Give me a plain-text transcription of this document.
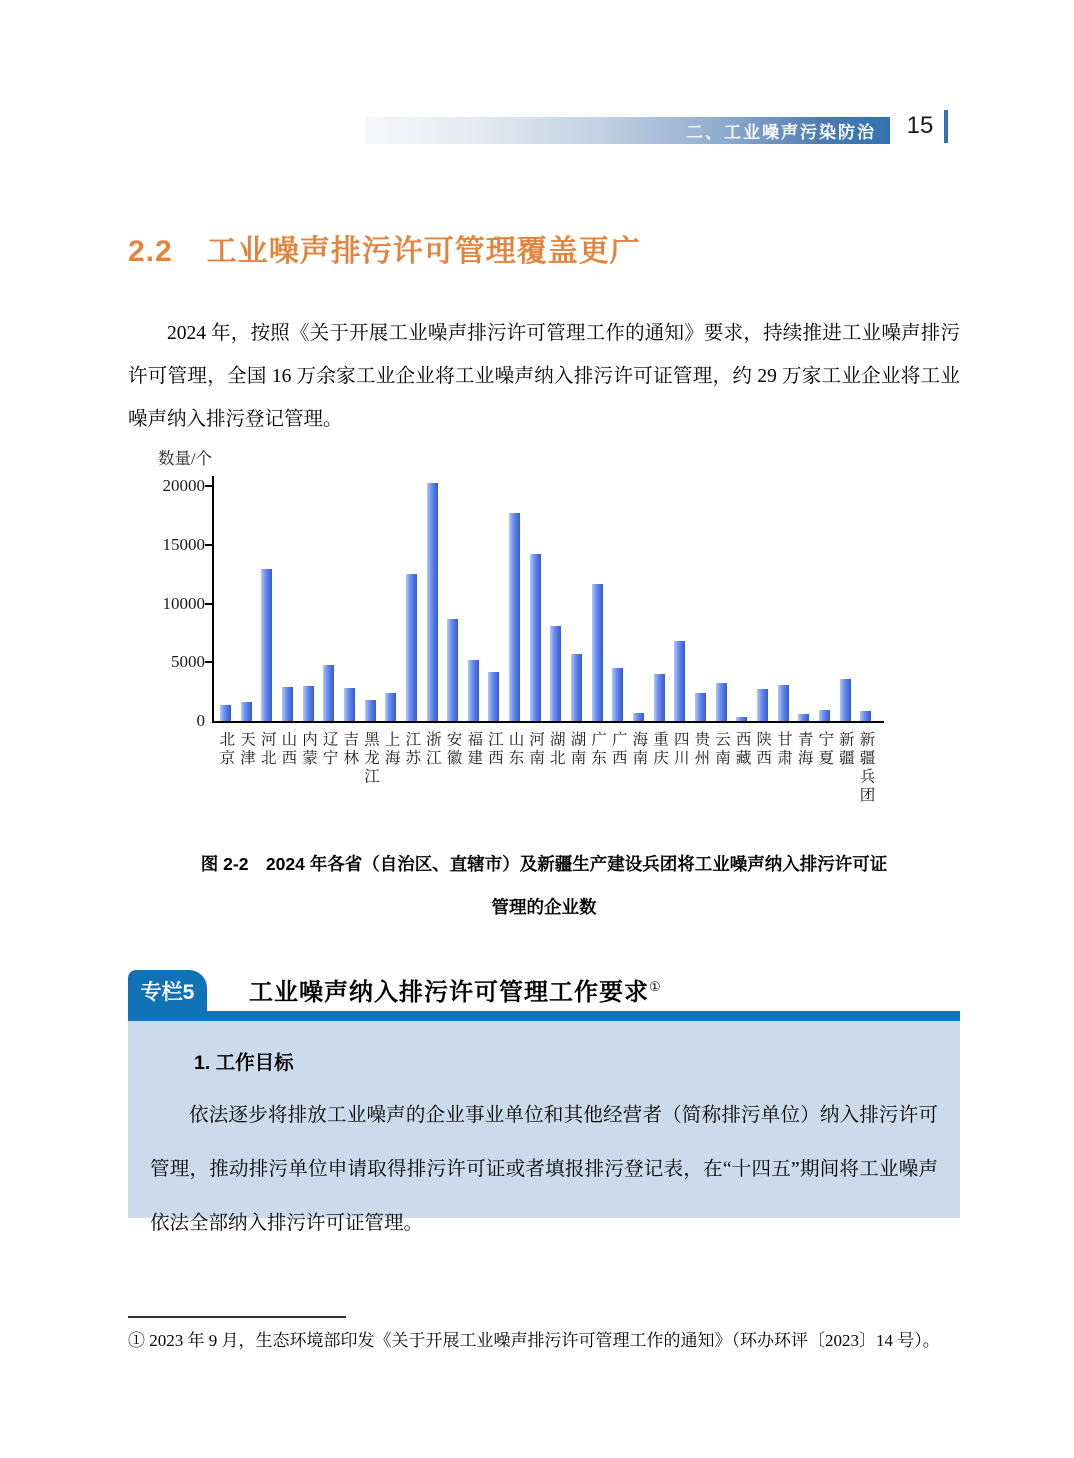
二、工业噪声污染防治 15
2.2 工业噪声排污许可管理覆盖更广

2024 年，按照《关于开展工业噪声排污许可管理工作的通知》要求，持续推进工业噪声排污许可管理，全国 16 万余家工业企业将工业噪声纳入排污许可证管理，约 29 万家工业企业将工业噪声纳入排污登记管理。

数量/个
北京 天津 河北 山西 内蒙 辽宁 吉林 黑龙江 上海 江苏 浙江 安徽 福建 江西 山东 河南 湖北 湖南 广东 广西 海南 重庆 四川 贵州 云南 西藏 陕西 甘肃 青海 宁夏 新疆 新疆兵团
0
5000
10000
15000
20000
图 2-2　2024 年各省（自治区、直辖市）及新疆生产建设兵团将工业噪声纳入排污许可证
管理的企业数
专栏5	工业噪声纳入排污许可管理工作要求①
1. 工作目标

依法逐步将排放工业噪声的企业事业单位和其他经营者（简称排污单位）纳入排污许可管理，推动排污单位申请取得排污许可证或者填报排污登记表，在“十四五”期间将工业噪声依法全部纳入排污许可证管理。

① 2023 年 9 月，生态环境部印发《关于开展工业噪声排污许可管理工作的通知》（环办环评〔2023〕14 号）。
